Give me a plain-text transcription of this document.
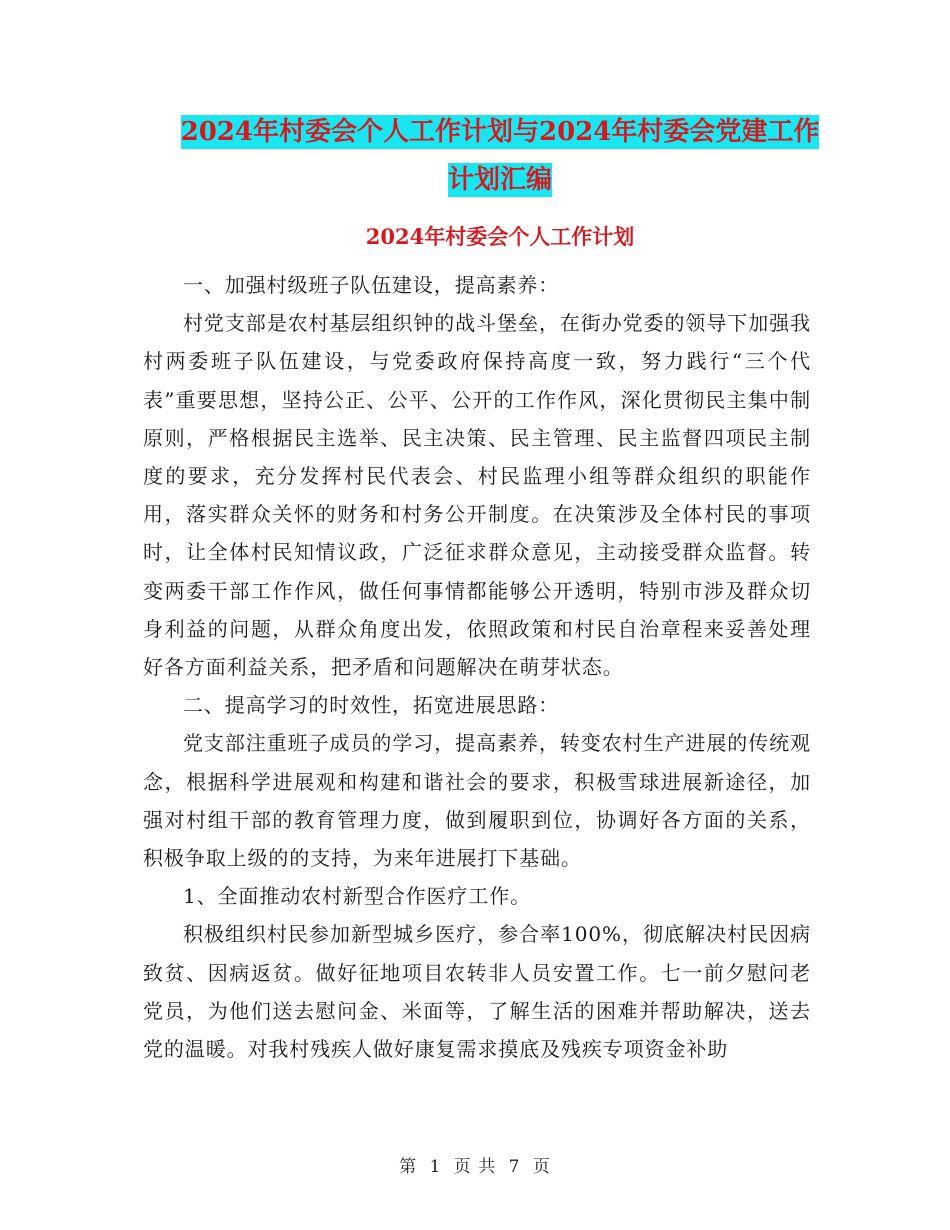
2024年村委会个人工作计划与2024年村委会党建工作
计划汇编
2024年村委会个人工作计划

一、加强村级班子队伍建设，提高素养：

村党支部是农村基层组织钟的战斗堡垒，在街办党委的领导下加强我村两委班子队伍建设，与党委政府保持高度一致，努力践行“三个代表”重要思想，坚持公正、公平、公开的工作作风，深化贯彻民主集中制原则，严格根据民主选举、民主决策、民主管理、民主监督四项民主制度的要求，充分发挥村民代表会、村民监理小组等群众组织的职能作用，落实群众关怀的财务和村务公开制度。在决策涉及全体村民的事项时，让全体村民知情议政，广泛征求群众意见，主动接受群众监督。转变两委干部工作作风，做任何事情都能够公开透明，特别市涉及群众切身利益的问题，从群众角度出发，依照政策和村民自治章程来妥善处理好各方面利益关系，把矛盾和问题解决在萌芽状态。

二、提高学习的时效性，拓宽进展思路：

党支部注重班子成员的学习，提高素养，转变农村生产进展的传统观念，根据科学进展观和构建和谐社会的要求，积极雪球进展新途径，加强对村组干部的教育管理力度，做到履职到位，协调好各方面的关系，积极争取上级的的支持，为来年进展打下基础。

1、全面推动农村新型合作医疗工作。

积极组织村民参加新型城乡医疗，参合率100%，彻底解决村民因病致贫、因病返贫。做好征地项目农转非人员安置工作。七一前夕慰问老党员，为他们送去慰问金、米面等，了解生活的困难并帮助解决，送去党的温暖。对我村残疾人做好康复需求摸底及残疾专项资金补助

第 1 页 共 7 页
